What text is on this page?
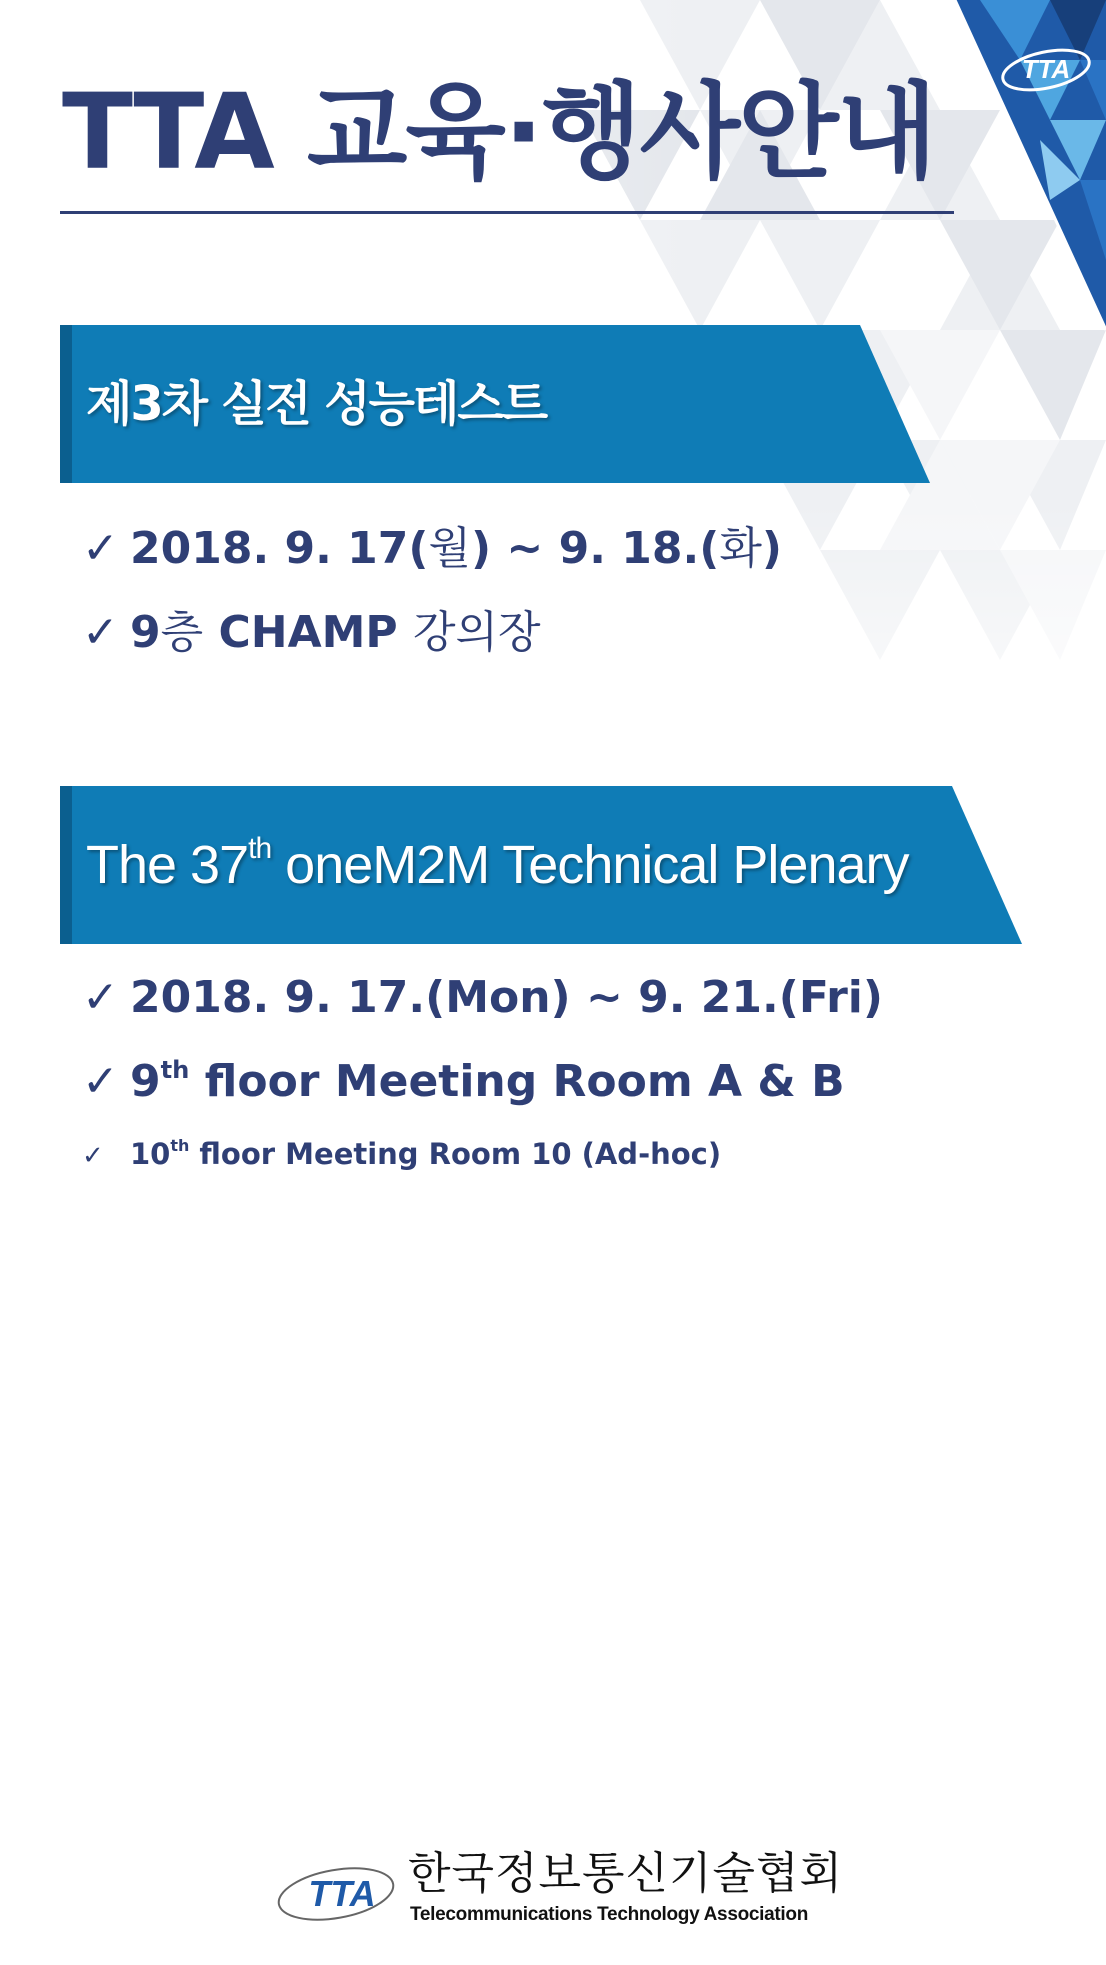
TTA
TTA 교육·행사안내
제3차 실전 성능테스트
✓ 2018. 9. 17(월) ~ 9. 18.(화)
✓ 9층 CHAMP 강의장
The 37th oneM2M Technical Plenary
✓ 2018. 9. 17.(Mon) ~ 9. 21.(Fri)
✓ 9th floor Meeting Room A & B
✓ 10th floor Meeting Room 10 (Ad-hoc)
TTA 한국정보통신기술협회
Telecommunications Technology Association
